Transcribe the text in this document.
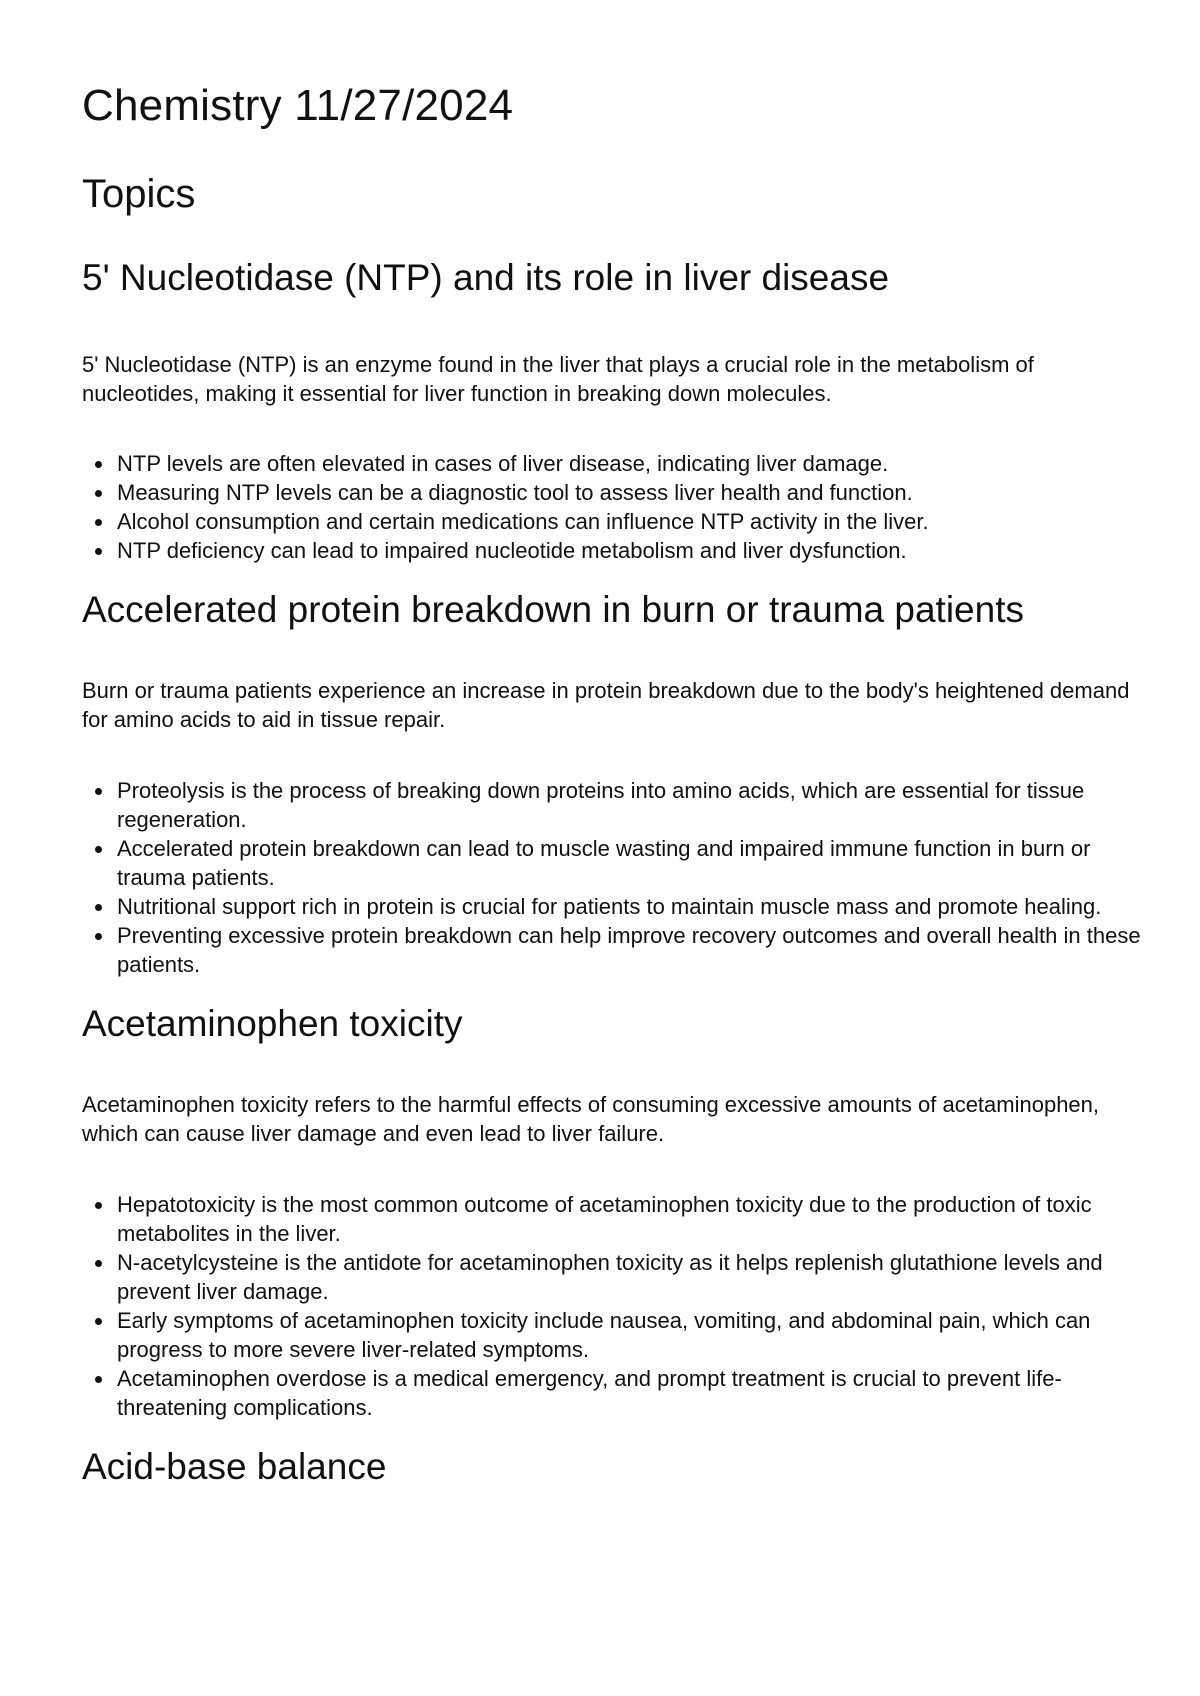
Chemistry 11/27/2024
Topics
5' Nucleotidase (NTP) and its role in liver disease

5' Nucleotidase (NTP) is an enzyme found in the liver that plays a crucial role in the metabolism of nucleotides, making it essential for liver function in breaking down molecules.

NTP levels are often elevated in cases of liver disease, indicating liver damage.
Measuring NTP levels can be a diagnostic tool to assess liver health and function.
Alcohol consumption and certain medications can influence NTP activity in the liver.
NTP deficiency can lead to impaired nucleotide metabolism and liver dysfunction.
Accelerated protein breakdown in burn or trauma patients

Burn or trauma patients experience an increase in protein breakdown due to the body's heightened demand for amino acids to aid in tissue repair.

Proteolysis is the process of breaking down proteins into amino acids, which are essential for tissue regeneration.
Accelerated protein breakdown can lead to muscle wasting and impaired immune function in burn or trauma patients.
Nutritional support rich in protein is crucial for patients to maintain muscle mass and promote healing.
Preventing excessive protein breakdown can help improve recovery outcomes and overall health in these patients.
Acetaminophen toxicity

Acetaminophen toxicity refers to the harmful effects of consuming excessive amounts of acetaminophen, which can cause liver damage and even lead to liver failure.

Hepatotoxicity is the most common outcome of acetaminophen toxicity due to the production of toxic metabolites in the liver.
N-acetylcysteine is the antidote for acetaminophen toxicity as it helps replenish glutathione levels and prevent liver damage.
Early symptoms of acetaminophen toxicity include nausea, vomiting, and abdominal pain, which can progress to more severe liver-related symptoms.
Acetaminophen overdose is a medical emergency, and prompt treatment is crucial to prevent life-threatening complications.
Acid-base balance
